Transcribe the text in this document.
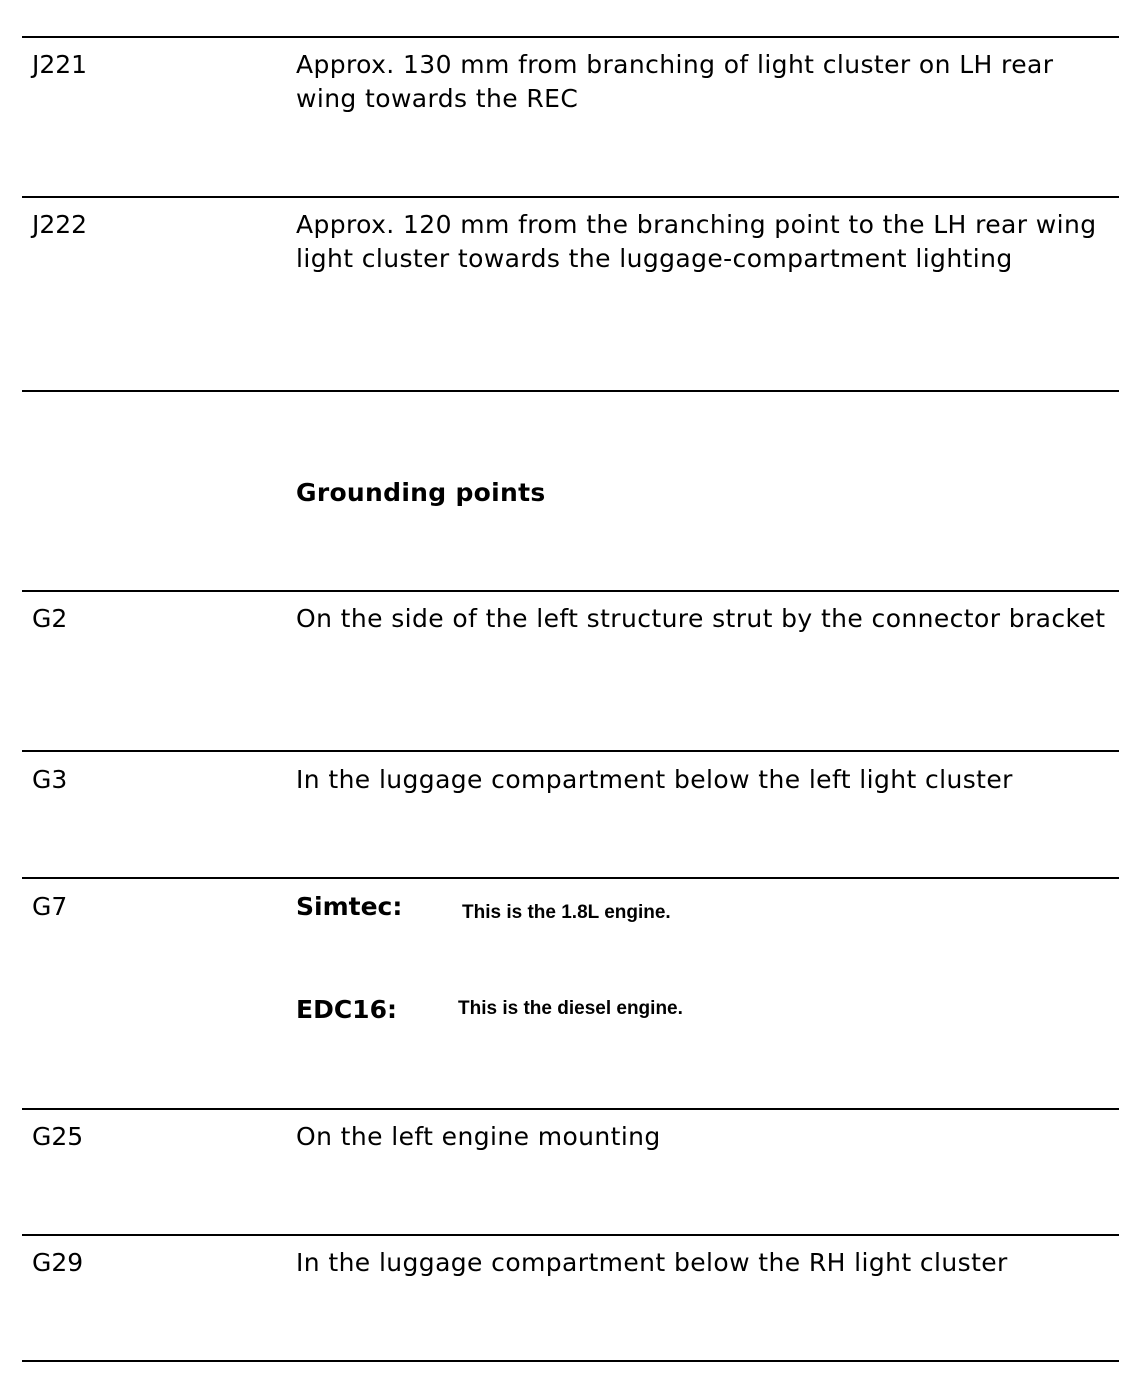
J221	Approx. 130 mm from branching of light cluster on LH rear wing towards the REC
J222	Approx. 120 mm from the branching point to the LH rear wing light cluster towards the luggage-compartment lighting
Grounding points
G2	On the side of the left structure strut by the connector bracket
G3	In the luggage compartment below the left light cluster
G7	Simtec:	This is the 1.8L engine.
EDC16:	This is the diesel engine.
G25	On the left engine mounting
G29	In the luggage compartment below the RH light cluster
